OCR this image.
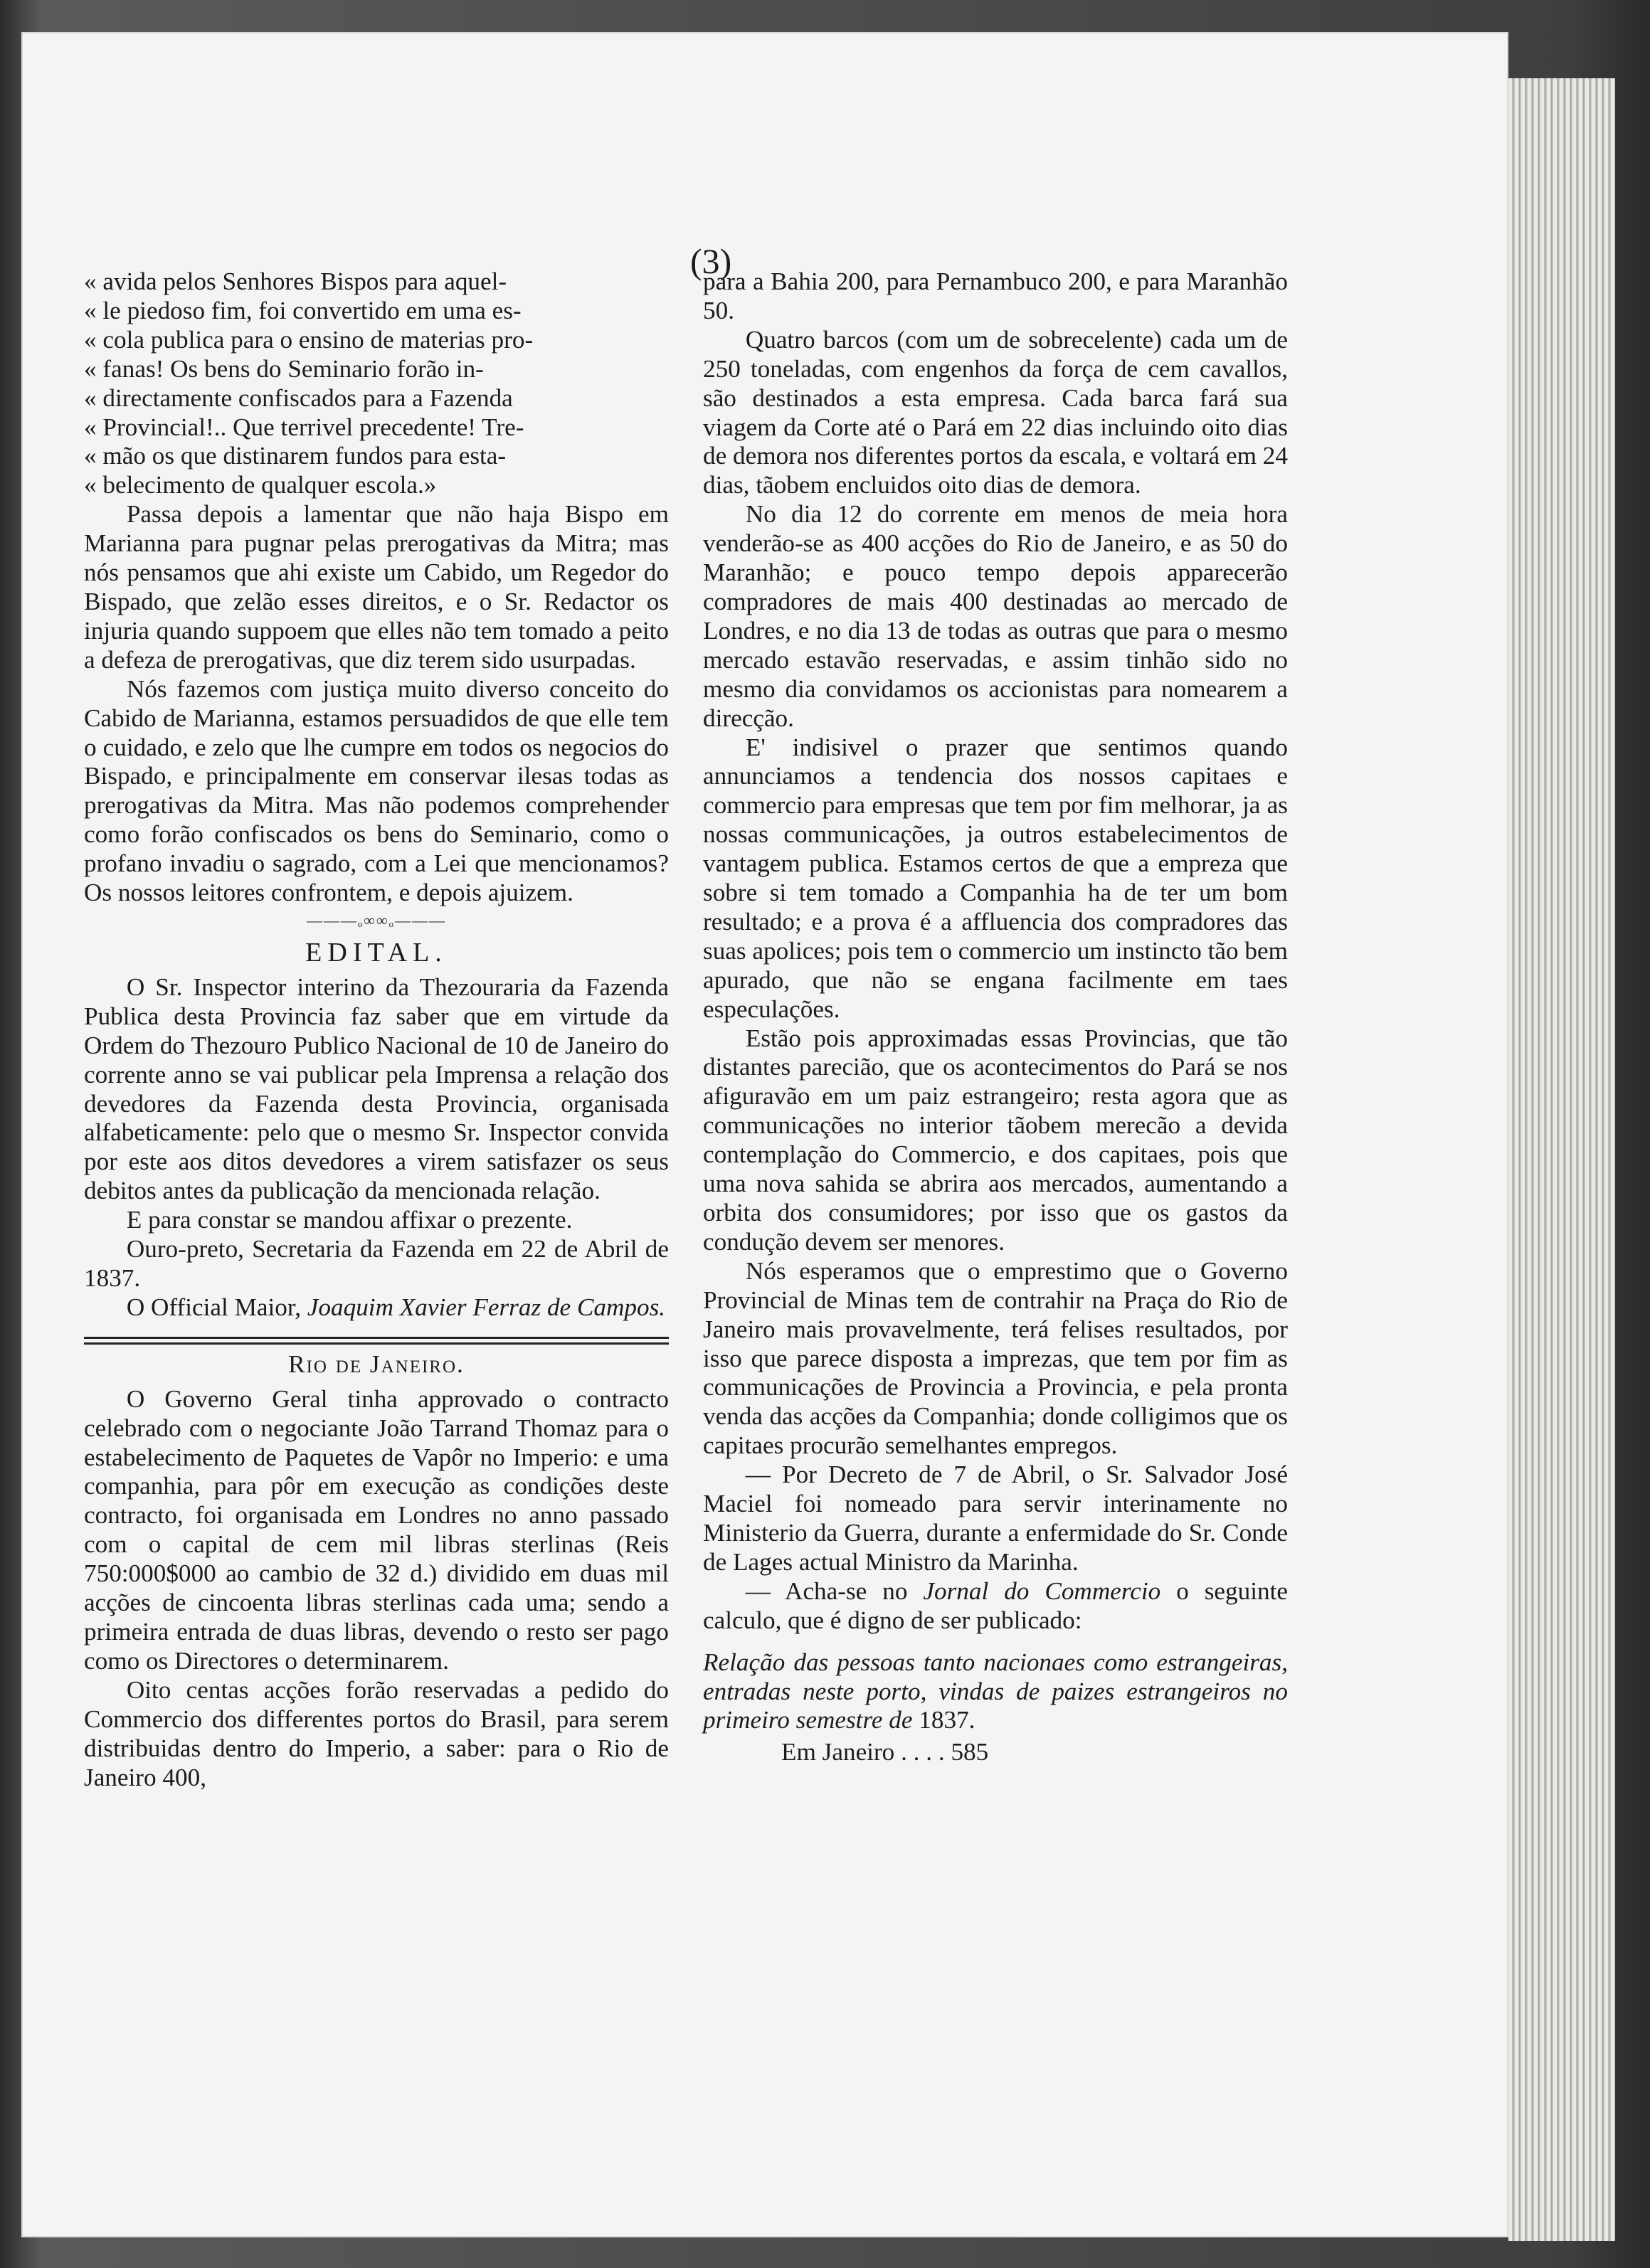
(3)

« avida pelos Senhores Bispos para aquel-

« le piedoso fim, foi convertido em uma es-

« cola publica para o ensino de materias pro-

« fanas! Os bens do Seminario forão in-

« directamente confiscados para a Fazenda

« Provincial!.. Que terrivel precedente! Tre-

« mão os que distinarem fundos para esta-

« belecimento de qualquer escola.»

Passa depois a lamentar que não haja Bispo em Marianna para pugnar pelas prerogativas da Mitra; mas nós pensamos que ahi existe um Cabido, um Regedor do Bispado, que zelão esses direitos, e o Sr. Redactor os injuria quando suppoem que elles não tem tomado a peito a defeza de prerogativas, que diz terem sido usurpadas.

Nós fazemos com justiça muito diverso conceito do Cabido de Marianna, estamos persuadidos de que elle tem o cuidado, e zelo que lhe cumpre em todos os negocios do Bispado, e principalmente em conservar ilesas todas as prerogativas da Mitra. Mas não podemos comprehender como forão confiscados os bens do Seminario, como o profano invadiu o sagrado, com a Lei que mencionamos? Os nossos leitores confrontem, e depois ajuizem.

———ₒ∞∞ₒ———
EDITAL.

O Sr. Inspector interino da Thezouraria da Fazenda Publica desta Provincia faz saber que em virtude da Ordem do Thezouro Publico Nacional de 10 de Janeiro do corrente anno se vai publicar pela Imprensa a relação dos devedores da Fazenda desta Provincia, organisada alfabeticamente: pelo que o mesmo Sr. Inspector convida por este aos ditos devedores a virem satisfazer os seus debitos antes da publicação da mencionada relação.

E para constar se mandou affixar o prezente.

Ouro-preto, Secretaria da Fazenda em 22 de Abril de 1837.

O Official Maior, Joaquim Xavier Ferraz de Campos.

Rio de Janeiro.

O Governo Geral tinha approvado o contracto celebrado com o negociante João Tarrand Thomaz para o estabelecimento de Paquetes de Vapôr no Imperio: e uma companhia, para pôr em execução as condições deste contracto, foi organisada em Londres no anno passado com o capital de cem mil libras sterlinas (Reis 750:000$000 ao cambio de 32 d.) dividido em duas mil acções de cincoenta libras sterlinas cada uma; sendo a primeira entrada de duas libras, devendo o resto ser pago como os Directores o determinarem.

Oito centas acções forão reservadas a pedido do Commercio dos differentes portos do Brasil, para serem distribuidas dentro do Imperio, a saber: para o Rio de Janeiro 400,

para a Bahia 200, para Pernambuco 200, e para Maranhão 50.

Quatro barcos (com um de sobrecelente) cada um de 250 toneladas, com engenhos da força de cem cavallos, são destinados a esta empresa. Cada barca fará sua viagem da Corte até o Pará em 22 dias incluindo oito dias de demora nos diferentes portos da escala, e voltará em 24 dias, tãobem encluidos oito dias de demora.

No dia 12 do corrente em menos de meia hora venderão-se as 400 acções do Rio de Janeiro, e as 50 do Maranhão; e pouco tempo depois apparecerão compradores de mais 400 destinadas ao mercado de Londres, e no dia 13 de todas as outras que para o mesmo mercado estavão reservadas, e assim tinhão sido no mesmo dia convidamos os accionistas para nomearem a direcção.

E' indisivel o prazer que sentimos quando annunciamos a tendencia dos nossos capitaes e commercio para empresas que tem por fim melhorar, ja as nossas communicações, ja outros estabelecimentos de vantagem publica. Estamos certos de que a empreza que sobre si tem tomado a Companhia ha de ter um bom resultado; e a prova é a affluencia dos compradores das suas apolices; pois tem o commercio um instincto tão bem apurado, que não se engana facilmente em taes especulações.

Estão pois approximadas essas Provincias, que tão distantes parecião, que os acontecimentos do Pará se nos afiguravão em um paiz estrangeiro; resta agora que as communicações no interior tãobem merecão a devida contemplação do Commercio, e dos capitaes, pois que uma nova sahida se abrira aos mercados, aumentando a orbita dos consumidores; por isso que os gastos da condução devem ser menores.

Nós esperamos que o emprestimo que o Governo Provincial de Minas tem de contrahir na Praça do Rio de Janeiro mais provavelmente, terá felises resultados, por isso que parece disposta a imprezas, que tem por fim as communicações de Provincia a Provincia, e pela pronta venda das acções da Companhia; donde colligimos que os capitaes procurão semelhantes empregos.

— Por Decreto de 7 de Abril, o Sr. Salvador José Maciel foi nomeado para servir interinamente no Ministerio da Guerra, durante a enfermidade do Sr. Conde de Lages actual Ministro da Marinha.

— Acha-se no Jornal do Commercio o seguinte calculo, que é digno de ser publicado:

Relação das pessoas tanto nacionaes como estrangeiras, entradas neste porto, vindas de paizes estrangeiros no primeiro semestre de 1837.

Em Janeiro . . . . 585
